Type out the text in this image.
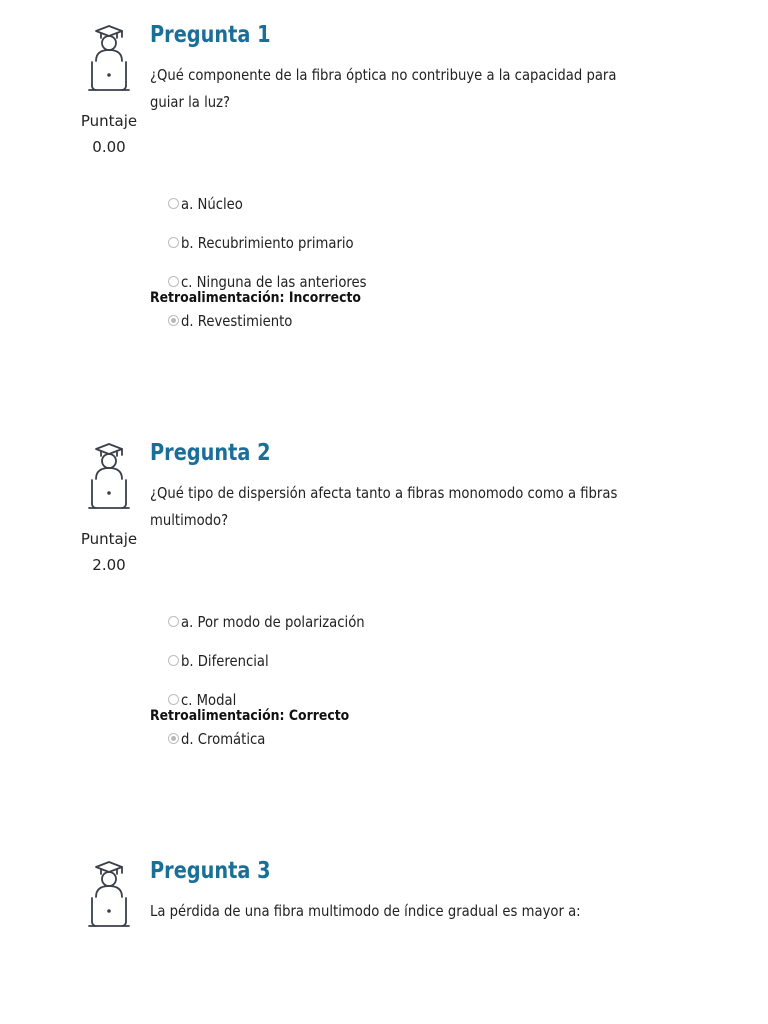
Puntaje
0.00
Pregunta 1

¿Qué componente de la fibra óptica no contribuye a la capacidad para guiar la luz?

a. Núcleo
b. Recubrimiento primario
c. Ninguna de las anteriores
d. Revestimiento
Retroalimentación: Incorrecto
Puntaje
2.00
Pregunta 2

¿Qué tipo de dispersión afecta tanto a fibras monomodo como a fibras multimodo?

a. Por modo de polarización
b. Diferencial
c. Modal
d. Cromática
Retroalimentación: Correcto
Pregunta 3

La pérdida de una fibra multimodo de índice gradual es mayor a:
